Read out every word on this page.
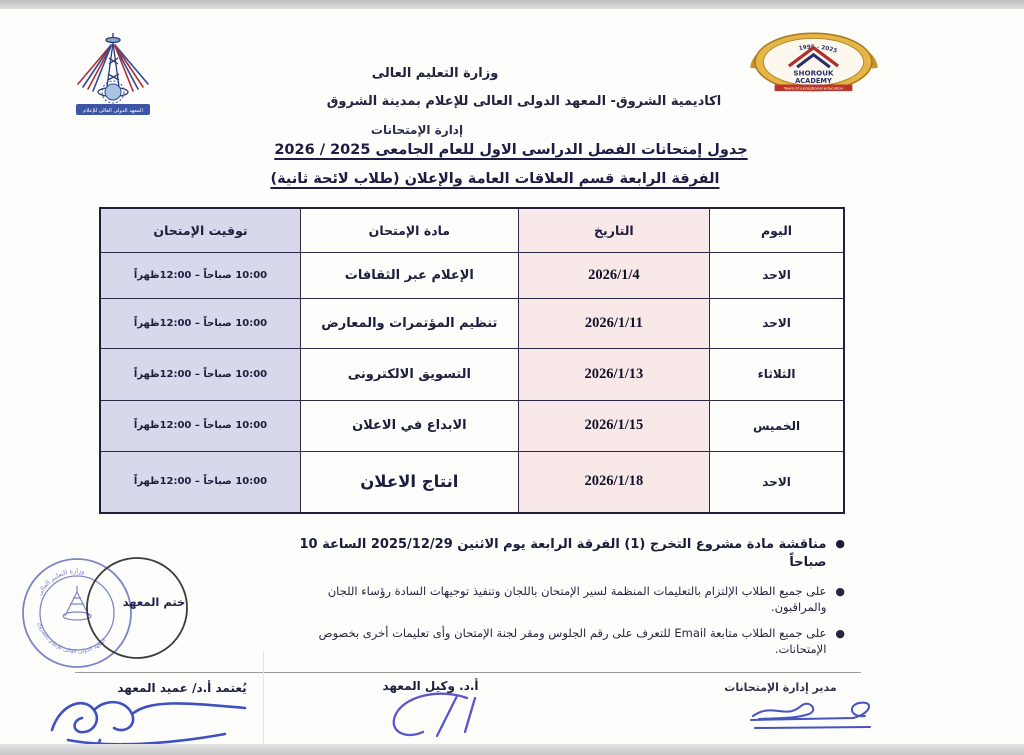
المعهد الدولى العالى للإعلام
1995 - 2025
SHOROUK
ACADEMY
Years of exceptional education
وزارة التعليم العالى
اكاديمية الشروق- المعهد الدولى العالى للإعلام بمدينة الشروق
إدارة الإمتحانات
جدول إمتحانات الفصل الدراسى الاول للعام الجامعى 2025 / 2026
الفرقة الرابعة قسم العلاقات العامة والإعلان (طلاب لائحة ثانية)
اليوم	التاريخ	مادة الإمتحان	توقيت الإمتحان
الاحد	2026/1/4	الإعلام عبر الثقافات	10:00 صباحاً – 12:00ظهراً
الاحد	2026/1/11	تنظيم المؤتمرات والمعارض	10:00 صباحاً – 12:00ظهراً
الثلاثاء	2026/1/13	التسويق الالكترونى	10:00 صباحاً – 12:00ظهراً
الخميس	2026/1/15	الابداع في الاعلان	10:00 صباحاً – 12:00ظهراً
الاحد	2026/1/18	انتاج الاعلان	10:00 صباحاً – 12:00ظهراً
●
مناقشة مادة مشروع التخرج (1) الفرقة الرابعة يوم الاثنين 2025/12/29 الساعة 10 صباحاً
●
على جميع الطلاب الإلتزام بالتعليمات المنظمة لسير الإمتحان باللجان وتنفيذ توجيهات السادة رؤساء اللجان والمراقبون.
●
على جميع الطلاب متابعة Email للتعرف على رقم الجلوس ومقر لجنة الإمتحان وأى تعليمات أخرى بخصوص الإمتحانات.
وزارة التعليم العالى
المعهد الدولى العالى للإعلام بالشروق
ختم المعهد
يُعتمد أ.د/ عميد المعهد	أ.د. وكيل المعهد	مدير إدارة الإمتحانات
